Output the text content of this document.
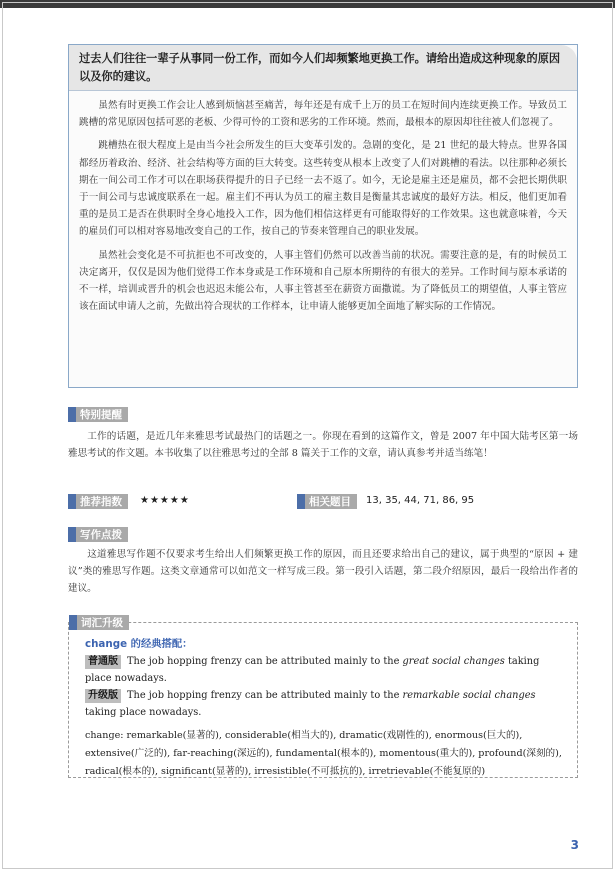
过去人们往往一辈子从事同一份工作，而如今人们却频繁地更换工作。请给出造成这种现象的原因以及你的建议。

虽然有时更换工作会让人感到烦恼甚至痛苦，每年还是有成千上万的员工在短时间内连续更换工作。导致员工跳槽的常见原因包括可恶的老板、少得可怜的工资和恶劣的工作环境。然而，最根本的原因却往往被人们忽视了。

跳槽热在很大程度上是由当今社会所发生的巨大变革引发的。急剧的变化，是 21 世纪的最大特点。世界各国都经历着政治、经济、社会结构等方面的巨大转变。这些转变从根本上改变了人们对跳槽的看法。以往那种必须长期在一间公司工作才可以在职场获得提升的日子已经一去不返了。如今，无论是雇主还是雇员，都不会把长期供职于一间公司与忠诚度联系在一起。雇主们不再认为员工的雇主数目是衡量其忠诚度的最好方法。相反，他们更加看重的是员工是否在供职时全身心地投入工作，因为他们相信这样更有可能取得好的工作效果。这也就意味着，今天的雇员们可以相对容易地改变自己的工作，按自己的节奏来管理自己的职业发展。

虽然社会变化是不可抗拒也不可改变的，人事主管们仍然可以改善当前的状况。需要注意的是，有的时候员工决定离开，仅仅是因为他们觉得工作本身或是工作环境和自己原本所期待的有很大的差异。工作时间与原本承诺的不一样，培训或晋升的机会也迟迟未能公布，人事主管甚至在薪资方面撒谎。为了降低员工的期望值，人事主管应该在面试申请人之前，先做出符合现状的工作样本，让申请人能够更加全面地了解实际的工作情况。

特别提醒

工作的话题，是近几年来雅思考试最热门的话题之一。你现在看到的这篇作文，曾是 2007 年中国大陆考区第一场雅思考试的作文题。本书收集了以往雅思考过的全部 8 篇关于工作的文章，请认真参考并适当练笔！

推荐指数 ★★★★★	相关题目 13, 35, 44, 71, 86, 95
写作点拨

这道雅思写作题不仅要求考生给出人们频繁更换工作的原因，而且还要求给出自己的建议，属于典型的“原因 + 建议”类的雅思写作题。这类文章通常可以如范文一样写成三段。第一段引入话题，第二段介绍原因，最后一段给出作者的建议。

词汇升级
change 的经典搭配：
普通版 The job hopping frenzy can be attributed mainly to the great social changes taking place nowadays.
升级版 The job hopping frenzy can be attributed mainly to the remarkable social changes taking place nowadays.
change: remarkable(显著的), considerable(相当大的), dramatic(戏剧性的), enormous(巨大的), extensive(广泛的), far-reaching(深远的), fundamental(根本的), momentous(重大的), profound(深刻的), radical(根本的), significant(显著的), irresistible(不可抵抗的), irretrievable(不能复原的)
3
